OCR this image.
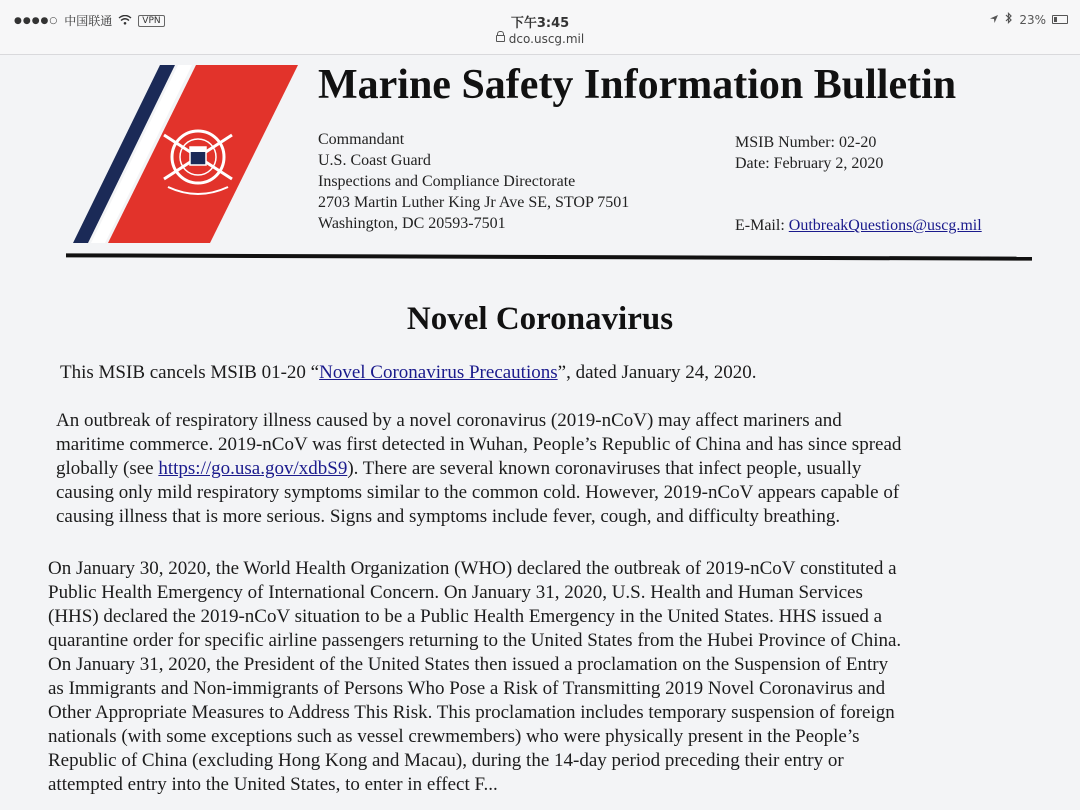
●●●●○ 中国联通	VPN	下午3:45
dco.uscg.mil
23%
Marine Safety Information Bulletin
Commandant
U.S. Coast Guard
Inspections and Compliance Directorate
2703 Martin Luther King Jr Ave SE, STOP 7501
Washington, DC 20593-7501
MSIB Number: 02-20
Date: February 2, 2020
E-Mail: OutbreakQuestions@uscg.mil
Novel Coronavirus
This MSIB cancels MSIB 01-20 “Novel Coronavirus Precautions”, dated January 24, 2020.
An outbreak of respiratory illness caused by a novel coronavirus (2019-nCoV) may affect mariners and
maritime commerce. 2019-nCoV was first detected in Wuhan, People’s Republic of China and has since spread
globally (see https://go.usa.gov/xdbS9). There are several known coronaviruses that infect people, usually
causing only mild respiratory symptoms similar to the common cold. However, 2019-nCoV appears capable of
causing illness that is more serious. Signs and symptoms include fever, cough, and difficulty breathing.
On January 30, 2020, the World Health Organization (WHO) declared the outbreak of 2019-nCoV constituted a
Public Health Emergency of International Concern. On January 31, 2020, U.S. Health and Human Services
(HHS) declared the 2019-nCoV situation to be a Public Health Emergency in the United States. HHS issued a
quarantine order for specific airline passengers returning to the United States from the Hubei Province of China.
On January 31, 2020, the President of the United States then issued a proclamation on the Suspension of Entry
as Immigrants and Non-immigrants of Persons Who Pose a Risk of Transmitting 2019 Novel Coronavirus and
Other Appropriate Measures to Address This Risk. This proclamation includes temporary suspension of foreign
nationals (with some exceptions such as vessel crewmembers) who were physically present in the People’s
Republic of China (excluding Hong Kong and Macau), during the 14-day period preceding their entry or
attempted entry into the United States, to enter in effect F...
